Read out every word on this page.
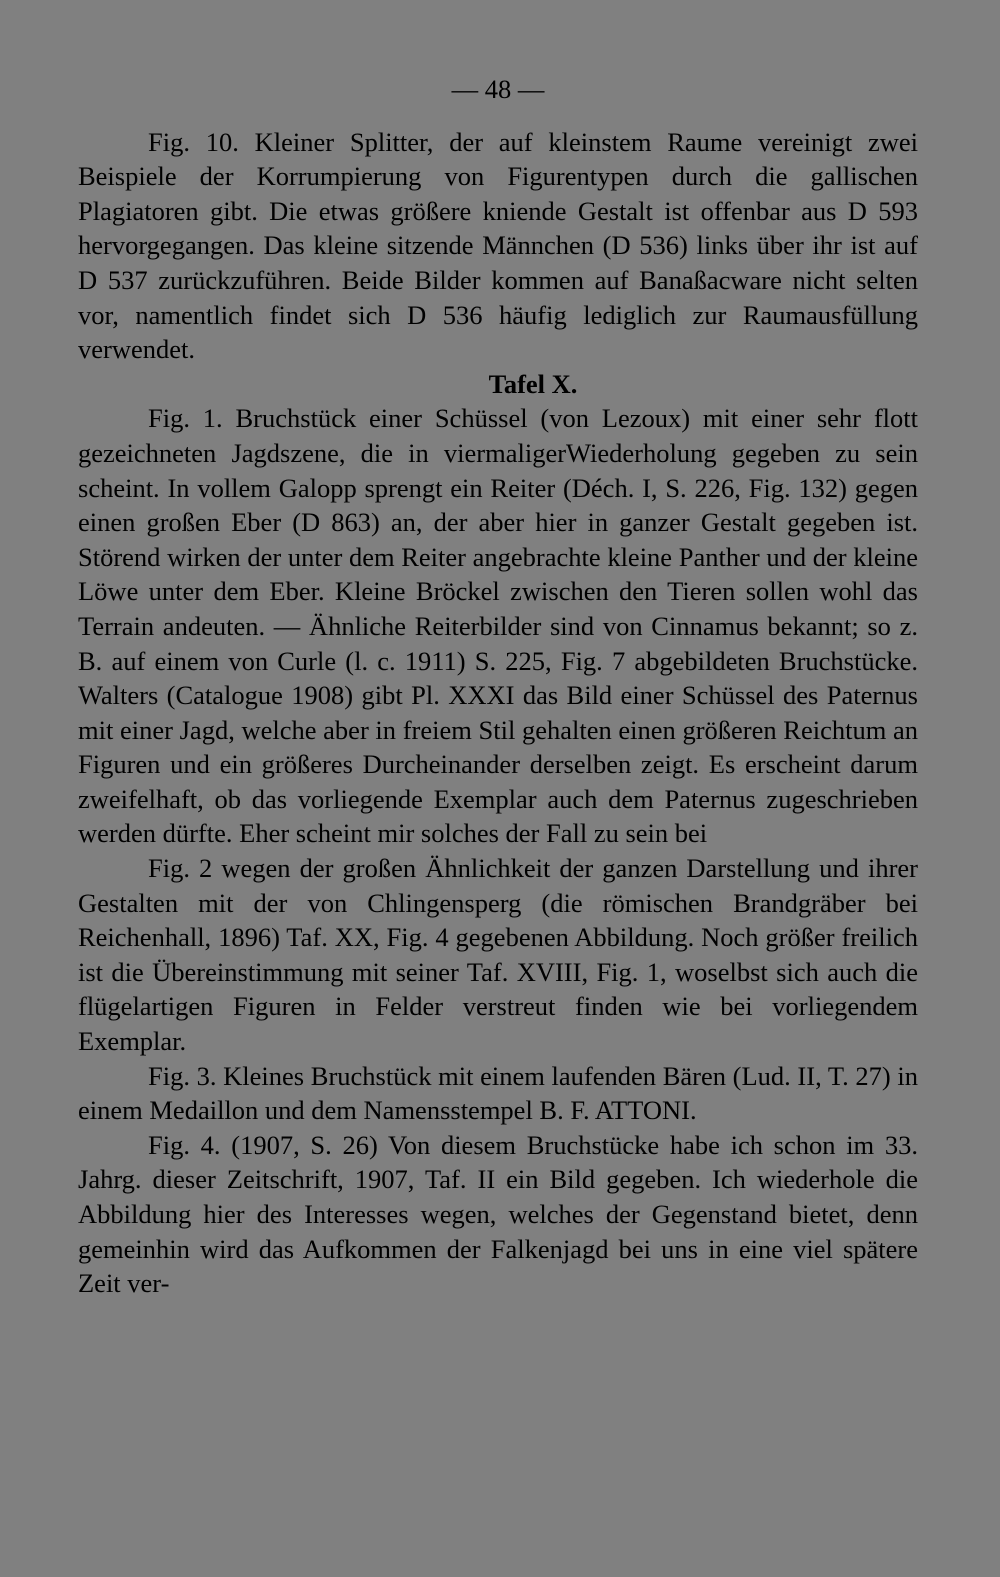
— 48 —

Fig. 10. Kleiner Splitter, der auf kleinstem Raume vereinigt zwei Beispiele der Korrumpierung von Figurentypen durch die gallischen Plagiatoren gibt. Die etwas größere kniende Gestalt ist offenbar aus D 593 hervorgegangen. Das kleine sitzende Männchen (D 536) links über ihr ist auf D 537 zurückzuführen. Beide Bilder kommen auf Banaßacware nicht selten vor, namentlich findet sich D 536 häufig lediglich zur Raumausfüllung verwendet.

Tafel X.

Fig. 1. Bruchstück einer Schüssel (von Lezoux) mit einer sehr flott gezeichneten Jagdszene, die in viermaligerWiederholung gegeben zu sein scheint. In vollem Galopp sprengt ein Reiter (Déch. I, S. 226, Fig. 132) gegen einen großen Eber (D 863) an, der aber hier in ganzer Gestalt gegeben ist. Störend wirken der unter dem Reiter angebrachte kleine Panther und der kleine Löwe unter dem Eber. Kleine Bröckel zwischen den Tieren sollen wohl das Terrain andeuten. — Ähnliche Reiterbilder sind von Cinnamus bekannt; so z. B. auf einem von Curle (l. c. 1911) S. 225, Fig. 7 abgebildeten Bruchstücke. Walters (Catalogue 1908) gibt Pl. XXXI das Bild einer Schüssel des Paternus mit einer Jagd, welche aber in freiem Stil gehalten einen größeren Reichtum an Figuren und ein größeres Durcheinander derselben zeigt. Es erscheint darum zweifelhaft, ob das vorliegende Exemplar auch dem Paternus zugeschrieben werden dürfte. Eher scheint mir solches der Fall zu sein bei

Fig. 2 wegen der großen Ähnlichkeit der ganzen Darstellung und ihrer Gestalten mit der von Chlingensperg (die römischen Brandgräber bei Reichenhall, 1896) Taf. XX, Fig. 4 gegebenen Abbildung. Noch größer freilich ist die Übereinstimmung mit seiner Taf. XVIII, Fig. 1, woselbst sich auch die flügelartigen Figuren in Felder verstreut finden wie bei vorliegendem Exemplar.

Fig. 3. Kleines Bruchstück mit einem laufenden Bären (Lud. II, T. 27) in einem Medaillon und dem Namensstempel B. F. ATTONI.

Fig. 4. (1907, S. 26) Von diesem Bruchstücke habe ich schon im 33. Jahrg. dieser Zeitschrift, 1907, Taf. II ein Bild gegeben. Ich wiederhole die Abbildung hier des Interesses wegen, welches der Gegenstand bietet, denn gemeinhin wird das Aufkommen der Falkenjagd bei uns in eine viel spätere Zeit ver-
